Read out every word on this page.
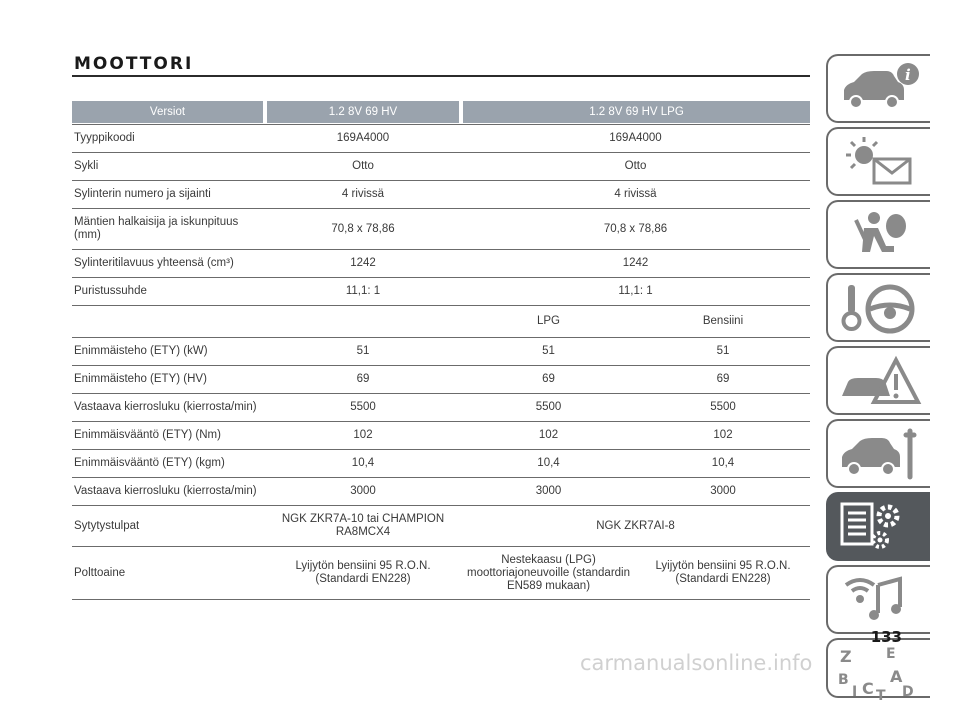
MOOTTORI
Versiot	1.2 8V 69 HV	1.2 8V 69 HV LPG	

Tyyppikoodi	169A4000	169A4000	
Sykli	Otto	Otto	
Sylinterin numero ja sijainti	4 rivissä	4 rivissä	
Mäntien halkaisija ja iskunpituus (mm)	70,8 x 78,86	70,8 x 78,86	
Sylinteritilavuus yhteensä (cm³)	1242	1242	
Puristussuhde	11,1: 1	11,1: 1	
		LPG	Bensiini
Enimmäisteho (ETY) (kW)	51	51	51
Enimmäisteho (ETY) (HV)	69	69	69
Vastaava kierrosluku (kierrosta/min)	5500	5500	5500
Enimmäisvääntö (ETY) (Nm)	102	102	102
Enimmäisvääntö (ETY) (kgm)	10,4	10,4	10,4
Vastaava kierrosluku (kierrosta/min)	3000	3000	3000
Sytytystulpat	NGK ZKR7A-10 tai CHAMPION RA8MCX4	NGK ZKR7AI-8	
Polttoaine	Lyijytön bensiini 95 R.O.N. (Standardi EN228)	Nestekaasu (LPG) moottoriajoneuvoille (standardin EN589 mukaan)	Lyijytön bensiini 95 R.O.N. (Standardi EN228)
i
Z E
B	A
I C T D
133
carmanualsonline.info
